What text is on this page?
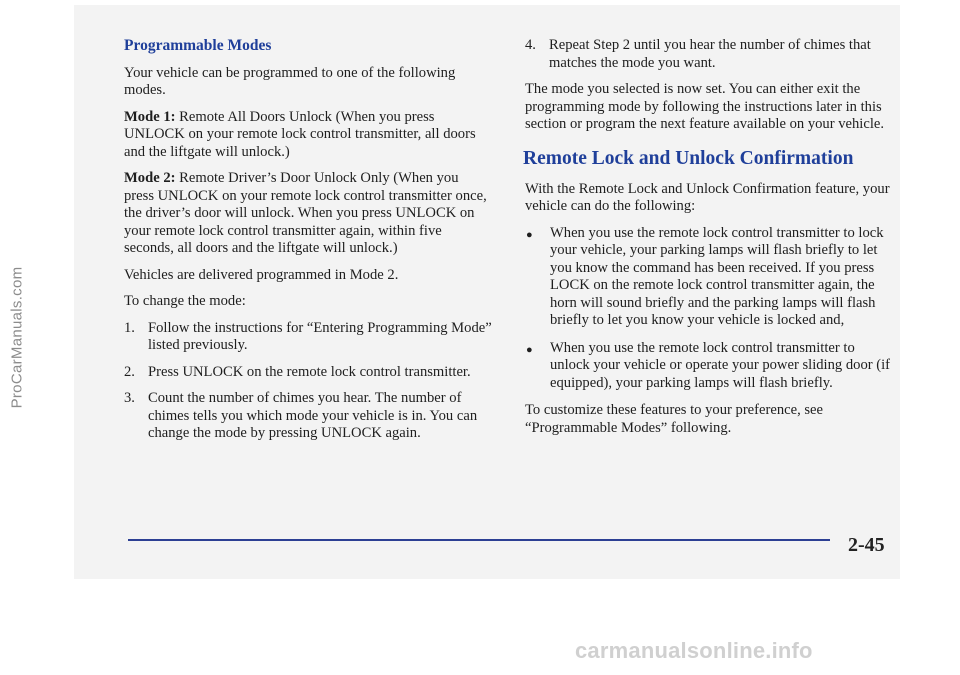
ProCarManuals.com
Programmable Modes

Your vehicle can be programmed to one of the following modes.

Mode 1: Remote All Doors Unlock (When you press UNLOCK on your remote lock control transmitter, all doors and the liftgate will unlock.)

Mode 2: Remote Driver’s Door Unlock Only (When you press UNLOCK on your remote lock control transmitter once, the driver’s door will unlock. When you press UNLOCK on your remote lock control transmitter again, within five seconds, all doors and the liftgate will unlock.)

Vehicles are delivered programmed in Mode 2.

To change the mode:

1. Follow the instructions for “Entering Programming Mode” listed previously.
2. Press UNLOCK on the remote lock control transmitter.
3. Count the number of chimes you hear. The number of chimes tells you which mode your vehicle is in. You can change the mode by pressing UNLOCK again.
4. Repeat Step 2 until you hear the number of chimes that matches the mode you want.

The mode you selected is now set. You can either exit the programming mode by following the instructions later in this section or program the next feature available on your vehicle.

Remote Lock and Unlock Confirmation

With the Remote Lock and Unlock Confirmation feature, your vehicle can do the following:

●	When you use the remote lock control transmitter to lock your vehicle, your parking lamps will flash briefly to let you know the command has been received. If you press LOCK on the remote lock control transmitter again, the horn will sound briefly and the parking lamps will flash briefly to let you know your vehicle is locked and,
●	When you use the remote lock control transmitter to unlock your vehicle or operate your power sliding door (if equipped), your parking lamps will flash briefly.

To customize these features to your preference, see “Programmable Modes” following.

2-45
carmanualsonline.info
